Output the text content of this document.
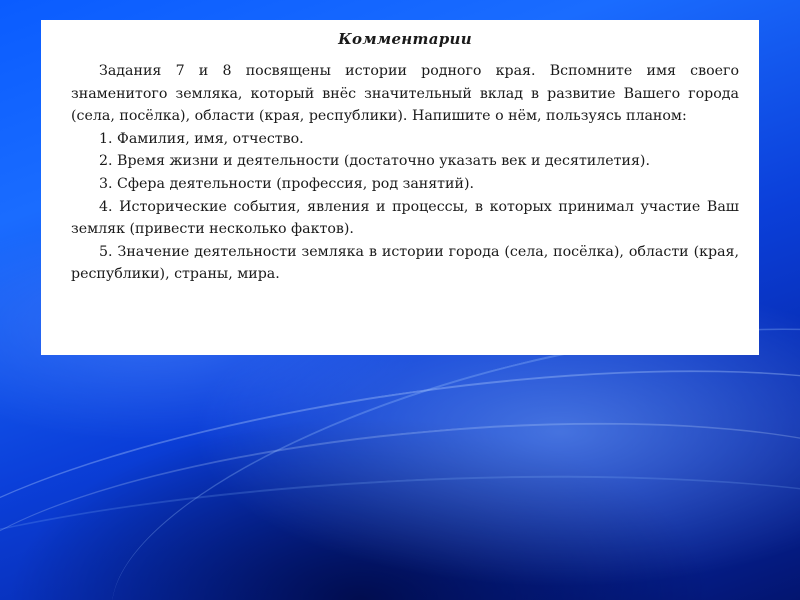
Комментарии

Задания 7 и 8 посвящены истории родного края. Вспомните имя своего знаменитого земляка, который внёс значительный вклад в развитие Вашего города (села, посёлка), области (края, республики). Напишите о нём, пользуясь планом:

1. Фамилия, имя, отчество.

2. Время жизни и деятельности (достаточно указать век и десятилетия).

3. Сфера деятельности (профессия, род занятий).

4. Исторические события, явления и процессы, в которых принимал участие Ваш земляк (привести несколько фактов).

5. Значение деятельности земляка в истории города (села, посёлка), области (края, республики), страны, мира.
